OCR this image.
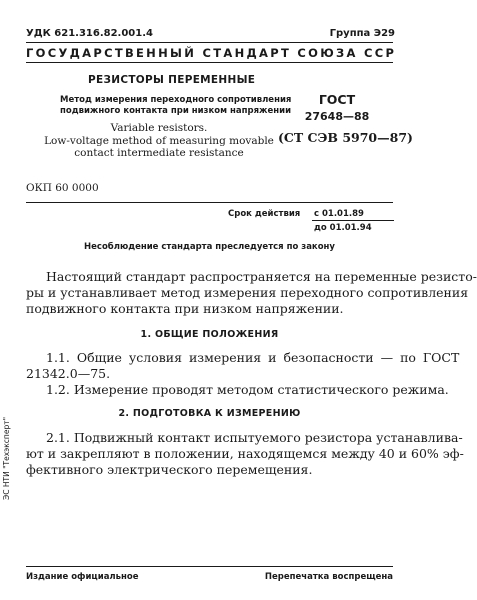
УДК 621.316.82.001.4	Группа Э29
ГОСУДАРСТВЕННЫЙ СТАНДАРТ СОЮЗА ССР
РЕЗИСТОРЫ ПЕРЕМЕННЫЕ
Метод измерения переходного сопротивления
подвижного контакта при низком напряжении
Variable resistors.
Low-voltage method of measuring movable
contact intermediate resistance
ОКП 60 0000
ГОСТ
27648—88
(СТ СЭВ 5970—87)
Срок действия с 01.01.89
до 01.01.94
Несоблюдение стандарта преследуется по закону
Настоящий стандарт распространяется на переменные резисто-
ры и устанавливает метод измерения переходного сопротивления
подвижного контакта при низком напряжении.
1. ОБЩИЕ ПОЛОЖЕНИЯ
1.1. Общие условия измерения и безопасности — по ГОСТ
21342.0—75.
1.2. Измерение проводят методом статистического режима.
2. ПОДГОТОВКА К ИЗМЕРЕНИЮ
2.1. Подвижный контакт испытуемого резистора устанавлива-
ют и закрепляют в положении, находящемся между 40 и 60% эф-
фективного электрического перемещения.
ЭС НТИ "Техэксперт"
Издание официальное	Перепечатка воспрещена
